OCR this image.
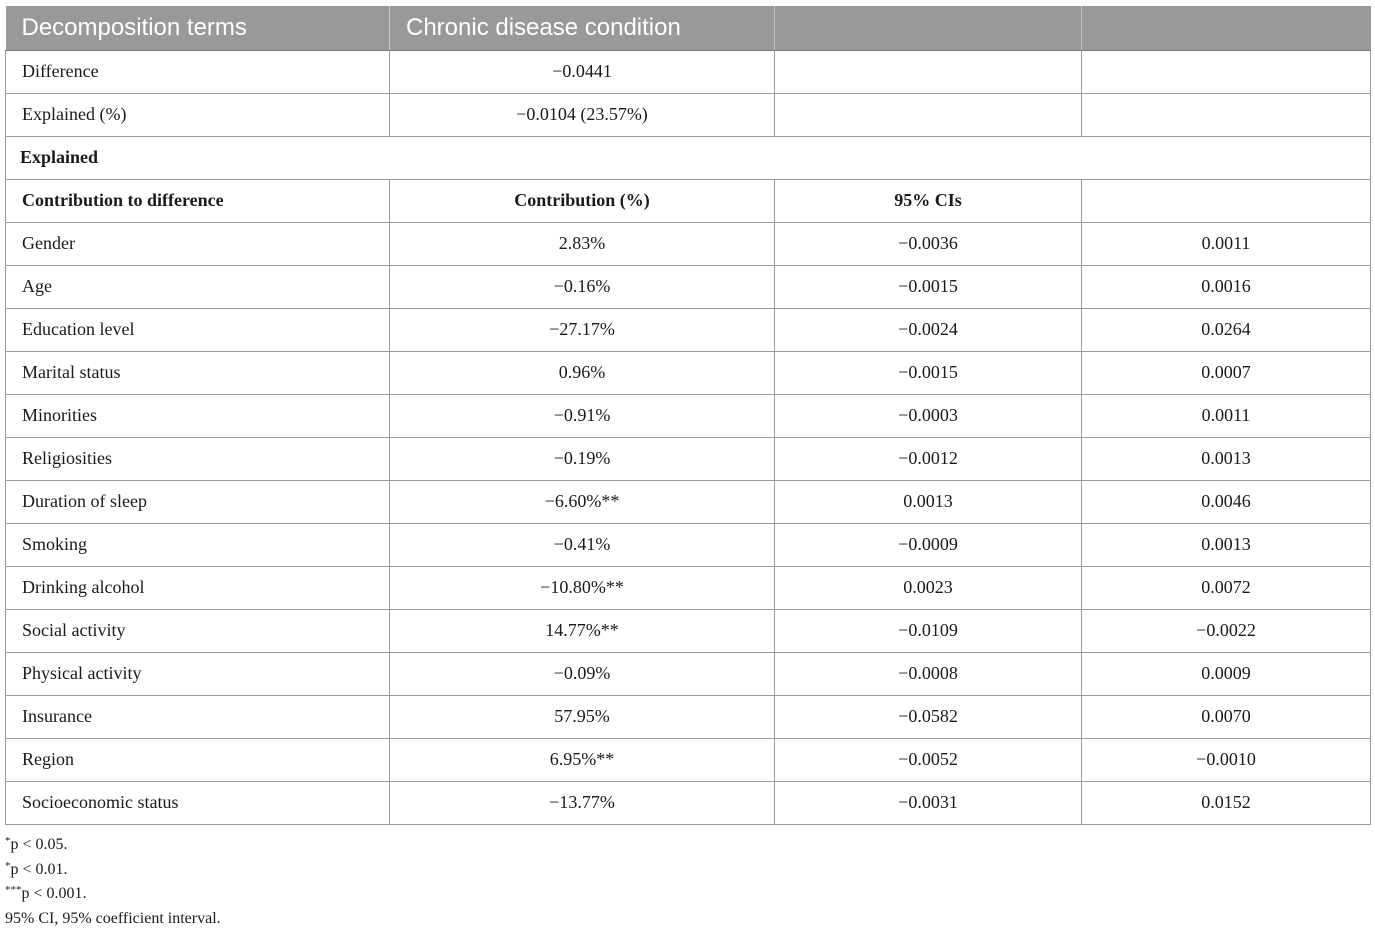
Decomposition terms	Chronic disease condition		
Difference	−0.0441		
Explained (%)	−0.0104 (23.57%)		
Explained			
Contribution to difference	Contribution (%)	95% CIs	
Gender	2.83%	−0.0036	0.0011
Age	−0.16%	−0.0015	0.0016
Education level	−27.17%	−0.0024	0.0264
Marital status	0.96%	−0.0015	0.0007
Minorities	−0.91%	−0.0003	0.0011
Religiosities	−0.19%	−0.0012	0.0013
Duration of sleep	−6.60%**	0.0013	0.0046
Smoking	−0.41%	−0.0009	0.0013
Drinking alcohol	−10.80%**	0.0023	0.0072
Social activity	14.77%**	−0.0109	−0.0022
Physical activity	−0.09%	−0.0008	0.0009
Insurance	57.95%	−0.0582	0.0070
Region	6.95%**	−0.0052	−0.0010
Socioeconomic status	−13.77%	−0.0031	0.0152
*p < 0.05.
*p < 0.01.
***p < 0.001.
95% CI, 95% coefficient interval.
